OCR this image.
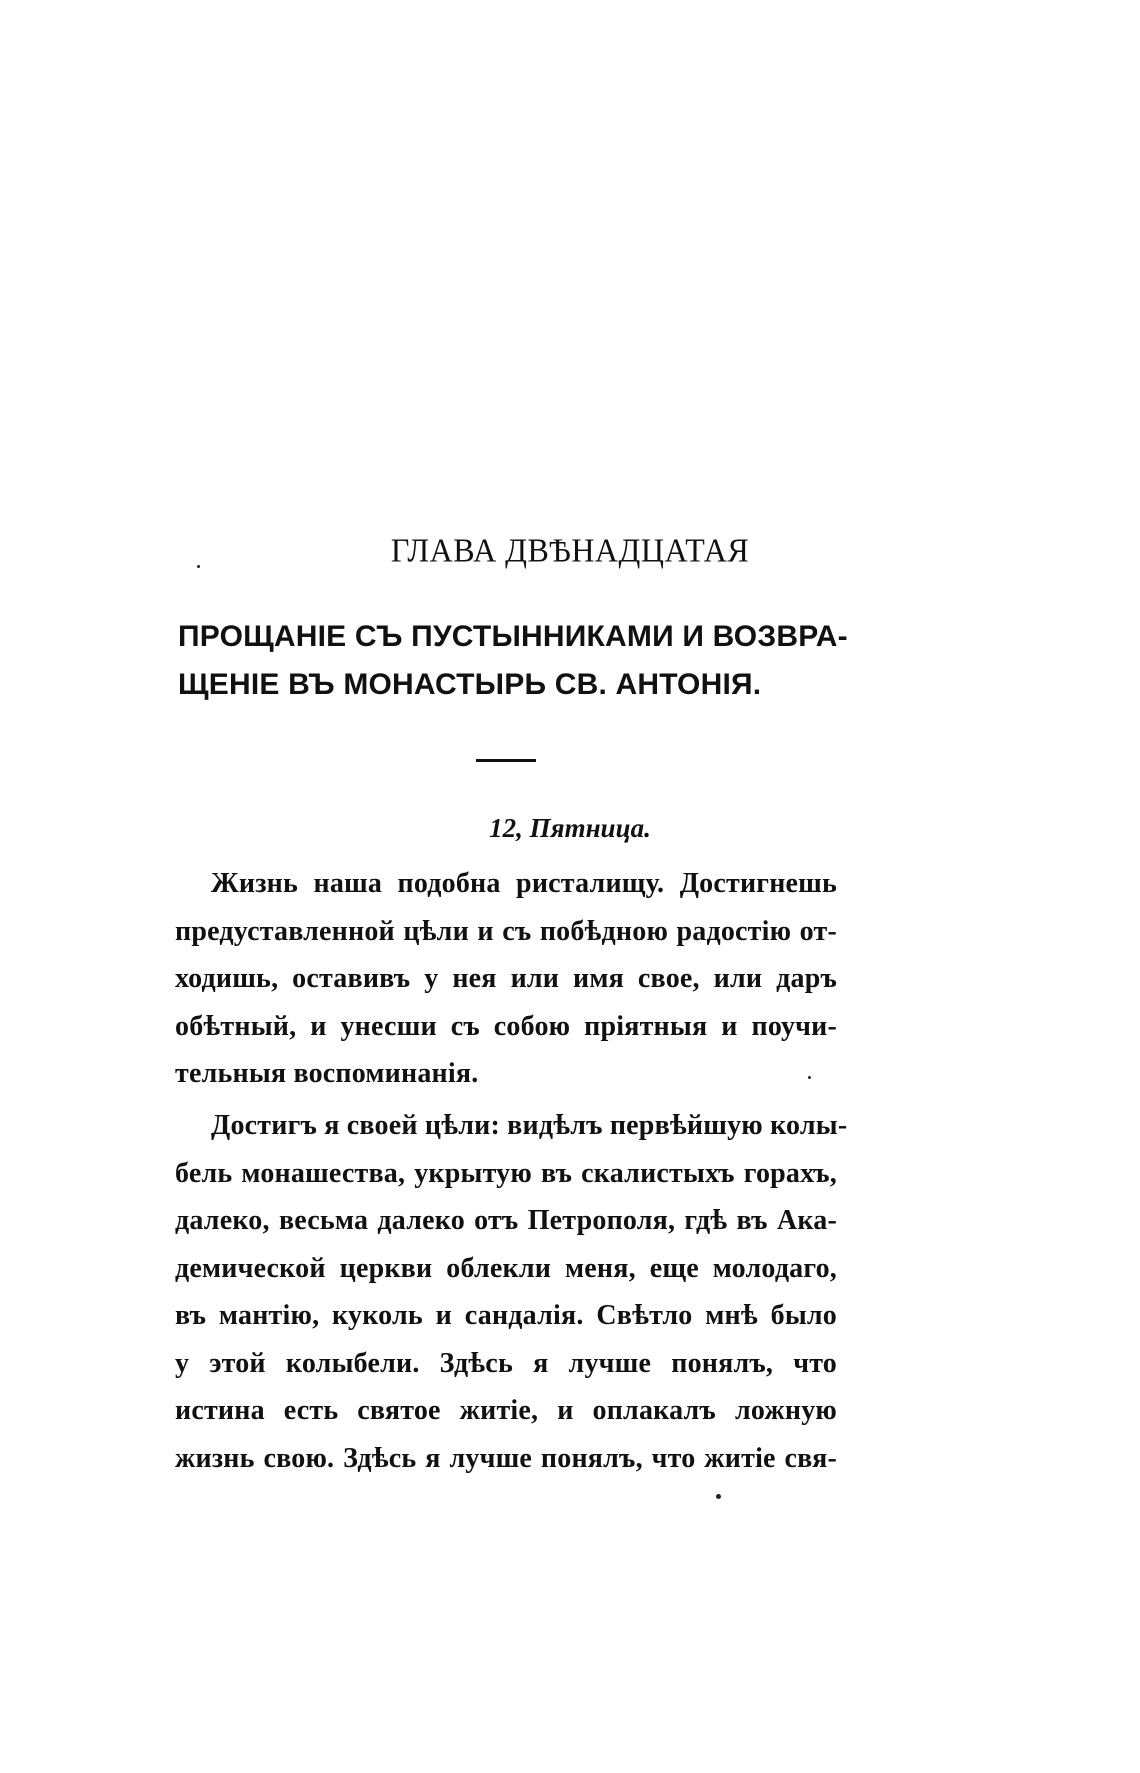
ГЛАВА ДВѢНАДЦАТАЯ
ПРОЩАНІЕ СЪ ПУСТЫННИКАМИ И ВОЗВРА-
ЩЕНІЕ ВЪ МОНАСТЫРЬ СВ. АНТОНІЯ.
12, Пятница.
Жизнь наша подобна ристалищу. Достигнешь
предуставленной цѣли и съ побѣдною радостію от-
ходишь, оставивъ у нея или имя свое, или даръ
обѣтный, и унесши съ собою пріятныя и поучи-
тельныя воспоминанія.
Достигъ я своей цѣли: видѣлъ первѣйшую колы-
бель монашества, укрытую въ скалистыхъ горахъ,
далеко, весьма далеко отъ Петрополя, гдѣ въ Ака-
демической церкви облекли меня, еще молодаго,
въ мантію, куколь и сандалія. Свѣтло мнѣ было
у этой колыбели. Здѣсь я лучше понялъ, что
истина есть святое житіе, и оплакалъ ложную
жизнь свою. Здѣсь я лучше понялъ, что житіе свя-
